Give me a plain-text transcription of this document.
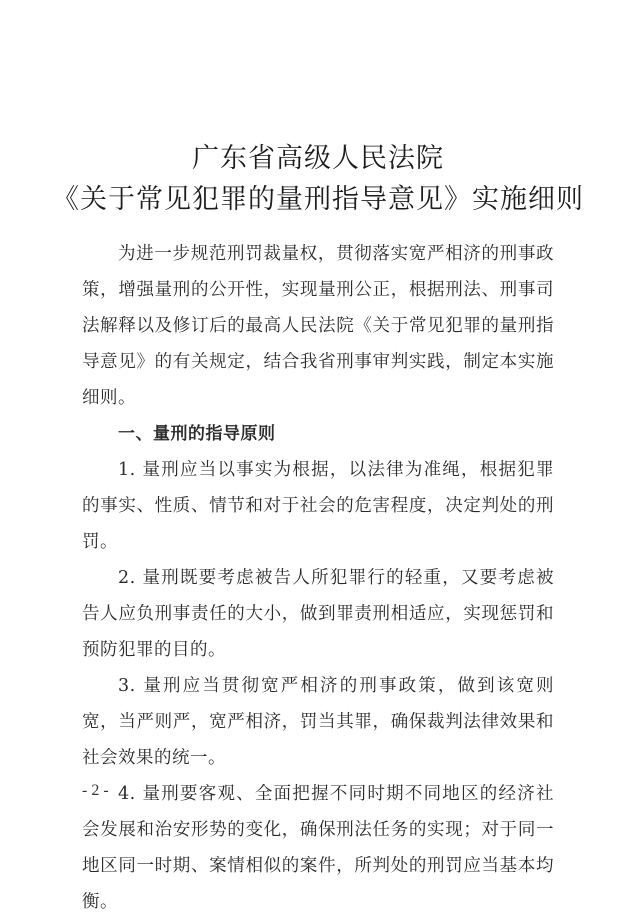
广东省高级人民法院
《关于常见犯罪的量刑指导意见》实施细则

为进一步规范刑罚裁量权，贯彻落实宽严相济的刑事政策，增强量刑的公开性，实现量刑公正，根据刑法、刑事司法解释以及修订后的最高人民法院《关于常见犯罪的量刑指导意见》的有关规定，结合我省刑事审判实践，制定本实施细则。

一、量刑的指导原则

1. 量刑应当以事实为根据，以法律为准绳，根据犯罪的事实、性质、情节和对于社会的危害程度，决定判处的刑罚。

2. 量刑既要考虑被告人所犯罪行的轻重，又要考虑被告人应负刑事责任的大小，做到罪责刑相适应，实现惩罚和预防犯罪的目的。

3. 量刑应当贯彻宽严相济的刑事政策，做到该宽则宽，当严则严，宽严相济，罚当其罪，确保裁判法律效果和社会效果的统一。

4. 量刑要客观、全面把握不同时期不同地区的经济社会发展和治安形势的变化，确保刑法任务的实现；对于同一地区同一时期、案情相似的案件，所判处的刑罚应当基本均衡。

- 2 -
